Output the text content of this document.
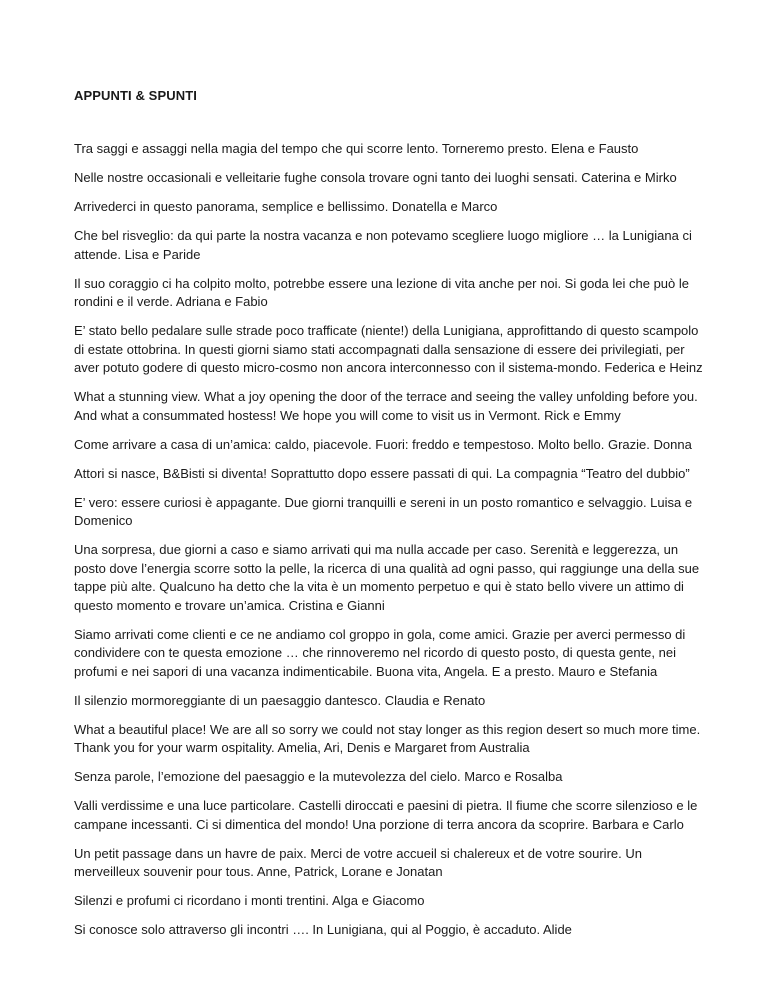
APPUNTI & SPUNTI

Tra saggi e assaggi nella magia del tempo che qui scorre lento. Torneremo presto. Elena e Fausto

Nelle nostre occasionali e velleitarie fughe consola trovare ogni tanto dei luoghi sensati. Caterina e Mirko

Arrivederci in questo panorama, semplice e bellissimo. Donatella e Marco

Che bel risveglio: da qui parte la nostra vacanza e non potevamo scegliere luogo migliore … la Lunigiana ci attende. Lisa e Paride

Il suo coraggio ci ha colpito molto, potrebbe essere una lezione di vita anche per noi. Si goda lei che può le rondini e il verde. Adriana e Fabio

E’ stato bello pedalare sulle strade poco trafficate (niente!) della Lunigiana, approfittando di questo scampolo di estate ottobrina. In questi giorni siamo stati accompagnati dalla sensazione di essere dei privilegiati, per aver potuto godere di questo micro-cosmo non ancora interconnesso con il sistema-mondo. Federica e Heinz

What a stunning view. What a joy opening the door of the terrace and seeing the valley unfolding before you. And what a consummated hostess! We hope you will come to visit us in Vermont. Rick e Emmy

Come arrivare a casa di un’amica: caldo, piacevole. Fuori: freddo e tempestoso. Molto bello. Grazie. Donna

Attori si nasce, B&Bisti si diventa! Soprattutto dopo essere passati di qui. La compagnia “Teatro del dubbio”

E’ vero: essere curiosi è appagante. Due giorni tranquilli e sereni in un posto romantico e selvaggio. Luisa e Domenico

Una sorpresa, due giorni a caso e siamo arrivati qui ma nulla accade per caso. Serenità e leggerezza, un posto dove l’energia scorre sotto la pelle, la ricerca di una qualità ad ogni passo, qui raggiunge una della sue tappe più alte. Qualcuno ha detto che la vita è un momento perpetuo e qui è stato bello vivere un attimo di questo momento e trovare un’amica. Cristina e Gianni

Siamo arrivati come clienti e ce ne andiamo col groppo in gola, come amici. Grazie per averci permesso di condividere con te questa emozione … che rinnoveremo nel ricordo di questo posto, di questa gente, nei profumi e nei sapori di una vacanza indimenticabile. Buona vita, Angela. E a presto. Mauro e Stefania

Il silenzio mormoreggiante di un paesaggio dantesco. Claudia e Renato

What a beautiful place! We are all so sorry we could not stay longer as this region desert so much more time. Thank you for your warm ospitality. Amelia, Ari, Denis e Margaret from Australia

Senza parole, l’emozione del paesaggio e la mutevolezza del cielo. Marco e Rosalba

Valli verdissime e una luce particolare. Castelli diroccati e paesini di pietra. Il fiume che scorre silenzioso e le campane incessanti. Ci si dimentica del mondo! Una porzione di terra ancora da scoprire. Barbara e Carlo

Un petit passage dans un havre de paix. Merci de votre accueil si chalereux et de votre sourire. Un merveilleux souvenir pour tous. Anne, Patrick, Lorane e Jonatan

Silenzi e profumi ci ricordano i monti trentini. Alga e Giacomo

Si conosce solo attraverso gli incontri …. In Lunigiana, qui al Poggio, è accaduto. Alide
